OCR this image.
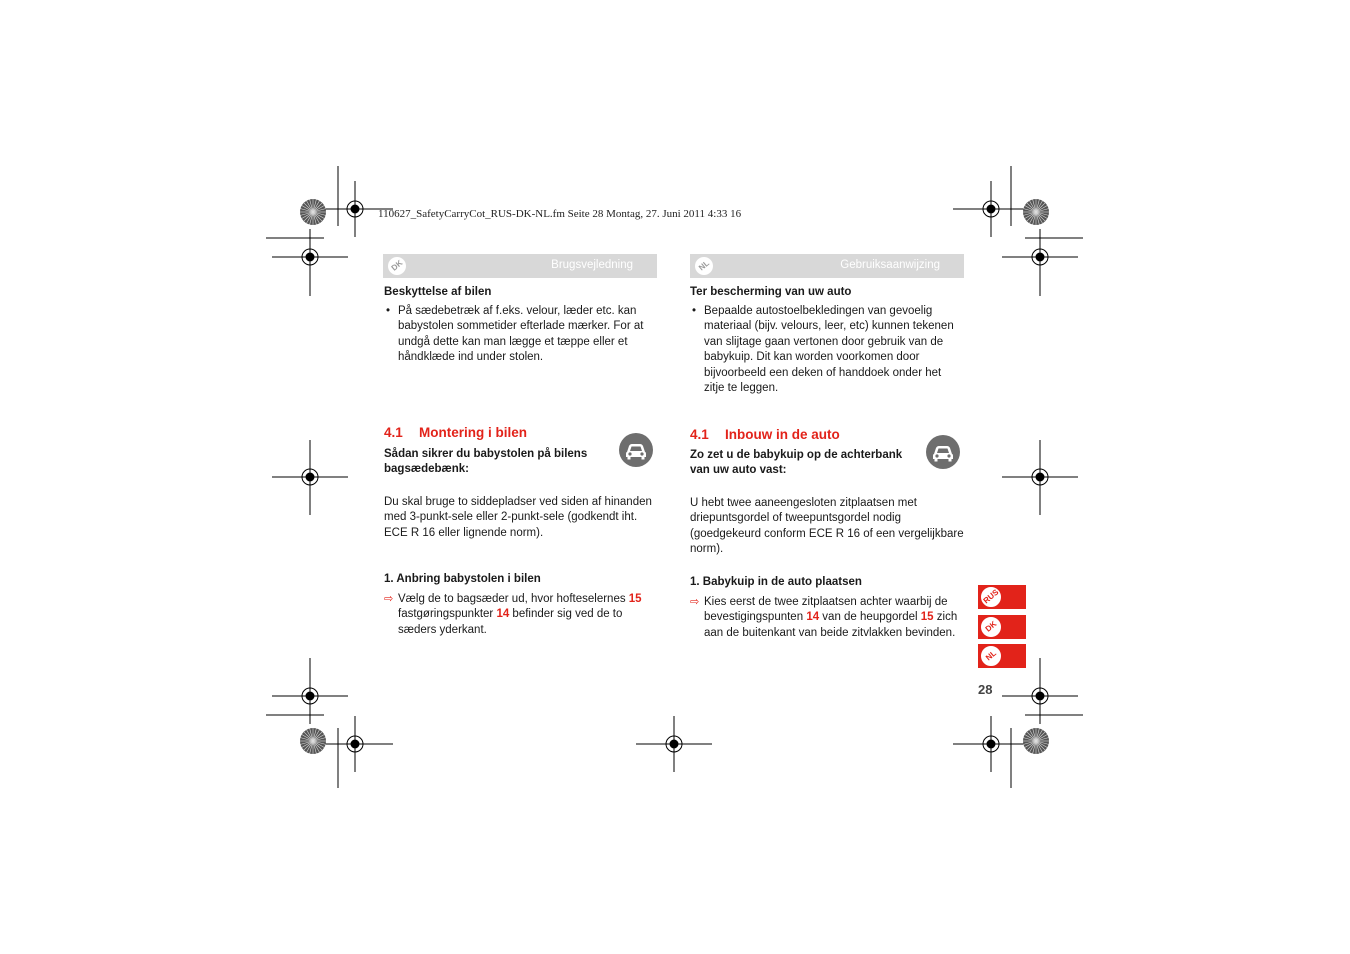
110627_SafetyCarryCot_RUS-DK-NL.fm Seite 28 Montag, 27. Juni 2011 4:33 16
DK	Brugsvejledning
Beskyttelse af bilen
• På sædebetræk af f.eks. velour, læder etc. kan babystolen sommetider efterlade mærker. For at undgå dette kan man lægge et tæppe eller et håndklæde ind under stolen.
4.1 Montering i bilen
Sådan sikrer du babystolen på bilens bagsædebænk:
Du skal bruge to siddepladser ved siden af hinanden med 3-punkt-sele eller 2-punkt-sele (godkendt iht. ECE R 16 eller lignende norm).
1. Anbring babystolen i bilen
⇨ Vælg de to bagsæder ud, hvor hofteselernes 15 fastgøringspunkter 14 befinder sig ved de to sæders yderkant.
NL	Gebruiksaanwijzing
Ter bescherming van uw auto
• Bepaalde autostoelbekledingen van gevoelig materiaal (bijv. velours, leer, etc) kunnen tekenen van slijtage gaan vertonen door gebruik van de babykuip. Dit kan worden voorkomen door bijvoorbeeld een deken of handdoek onder het zitje te leggen.
4.1 Inbouw in de auto
Zo zet u de babykuip op de achterbank van uw auto vast:
U hebt twee aaneengesloten zitplaatsen met driepuntsgordel of tweepuntsgordel nodig (goedgekeurd conform ECE R 16 of een vergelijkbare norm).
1. Babykuip in de auto plaatsen
⇨ Kies eerst de twee zitplaatsen achter waarbij de bevestigingspunten 14 van de heupgordel 15 zich aan de buitenkant van beide zitvlakken bevinden.
RUS
DK
NL
28
